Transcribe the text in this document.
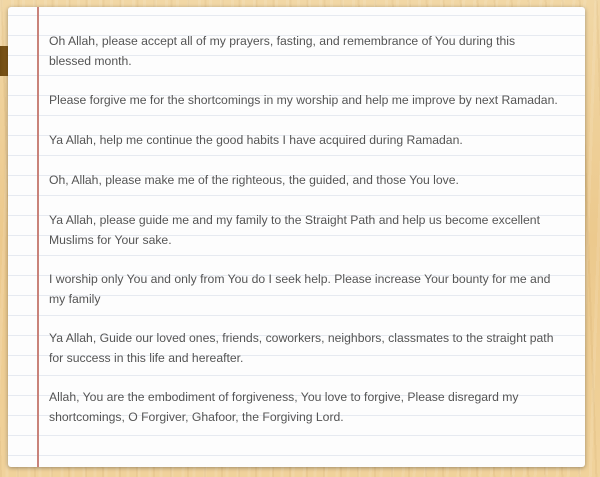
Oh Allah, please accept all of my prayers, fasting, and remembrance of You during this blessed month.

Please forgive me for the shortcomings in my worship and help me improve by next Ramadan.

Ya Allah, help me continue the good habits I have acquired during Ramadan.

Oh, Allah, please make me of the righteous, the guided, and those You love.

Ya Allah, please guide me and my family to the Straight Path and help us become excellent Muslims for Your sake.

I worship only You and only from You do I seek help. Please increase Your bounty for me and my family

Ya Allah, Guide our loved ones, friends, coworkers, neighbors, classmates to the straight path for success in this life and hereafter.

Allah, You are the embodiment of forgiveness, You love to forgive, Please disregard my shortcomings, O Forgiver, Ghafoor, the Forgiving Lord.
